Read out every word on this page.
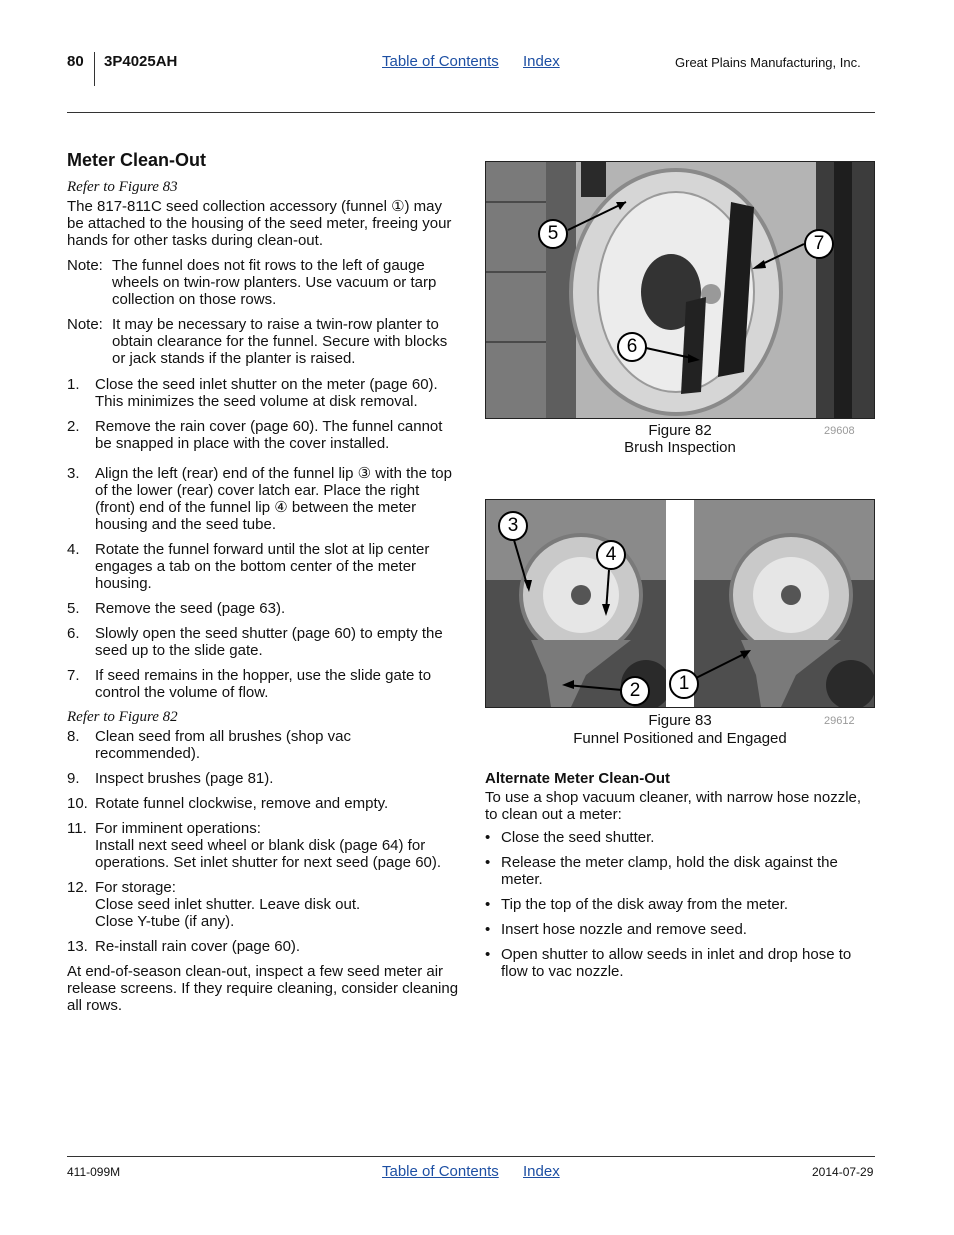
80 3P4025AH	Table of Contents Index	Great Plains Manufacturing, Inc.
Meter Clean-Out
Refer to Figure 83

The 817-811C seed collection accessory (funnel ①) may be attached to the housing of the seed meter, freeing your hands for other tasks during clean-out.

Note: The funnel does not fit rows to the left of gauge wheels on twin-row planters. Use vacuum or tarp collection on those rows.
Note: It may be necessary to raise a twin-row planter to obtain clearance for the funnel. Secure with blocks or jack stands if the planter is raised.
1. Close the seed inlet shutter on the meter (page 60). This minimizes the seed volume at disk removal.
2. Remove the rain cover (page 60). The funnel cannot be snapped in place with the cover installed.
3. Align the left (rear) end of the funnel lip ③ with the top of the lower (rear) cover latch ear. Place the right (front) end of the funnel lip ④ between the meter housing and the seed tube.
4. Rotate the funnel forward until the slot at lip center engages a tab on the bottom center of the meter housing.
5. Remove the seed (page 63).
6. Slowly open the seed shutter (page 60) to empty the seed up to the slide gate.
7. If seed remains in the hopper, use the slide gate to control the volume of flow.
Refer to Figure 82
8. Clean seed from all brushes (shop vac recommended).
9. Inspect brushes (page 81).
10. Rotate funnel clockwise, remove and empty.
11. For imminent operations:
Install next seed wheel or blank disk (page 64) for operations. Set inlet shutter for next seed (page 60).
12. For storage:
Close seed inlet shutter. Leave disk out.
Close Y-tube (if any).
13. Re-install rain cover (page 60).

At end-of-season clean-out, inspect a few seed meter air release screens. If they require cleaning, consider cleaning all rows.

5	7
6
Figure 82
Brush Inspection
29608
3
4
2	1
Figure 83
Funnel Positioned and Engaged
29612
Alternate Meter Clean-Out

To use a shop vacuum cleaner, with narrow hose nozzle, to clean out a meter:

• Close the seed shutter.
• Release the meter clamp, hold the disk against the meter.
• Tip the top of the disk away from the meter.
• Insert hose nozzle and remove seed.
• Open shutter to allow seeds in inlet and drop hose to flow to vac nozzle.
411-099M	Table of Contents Index	2014-07-29
